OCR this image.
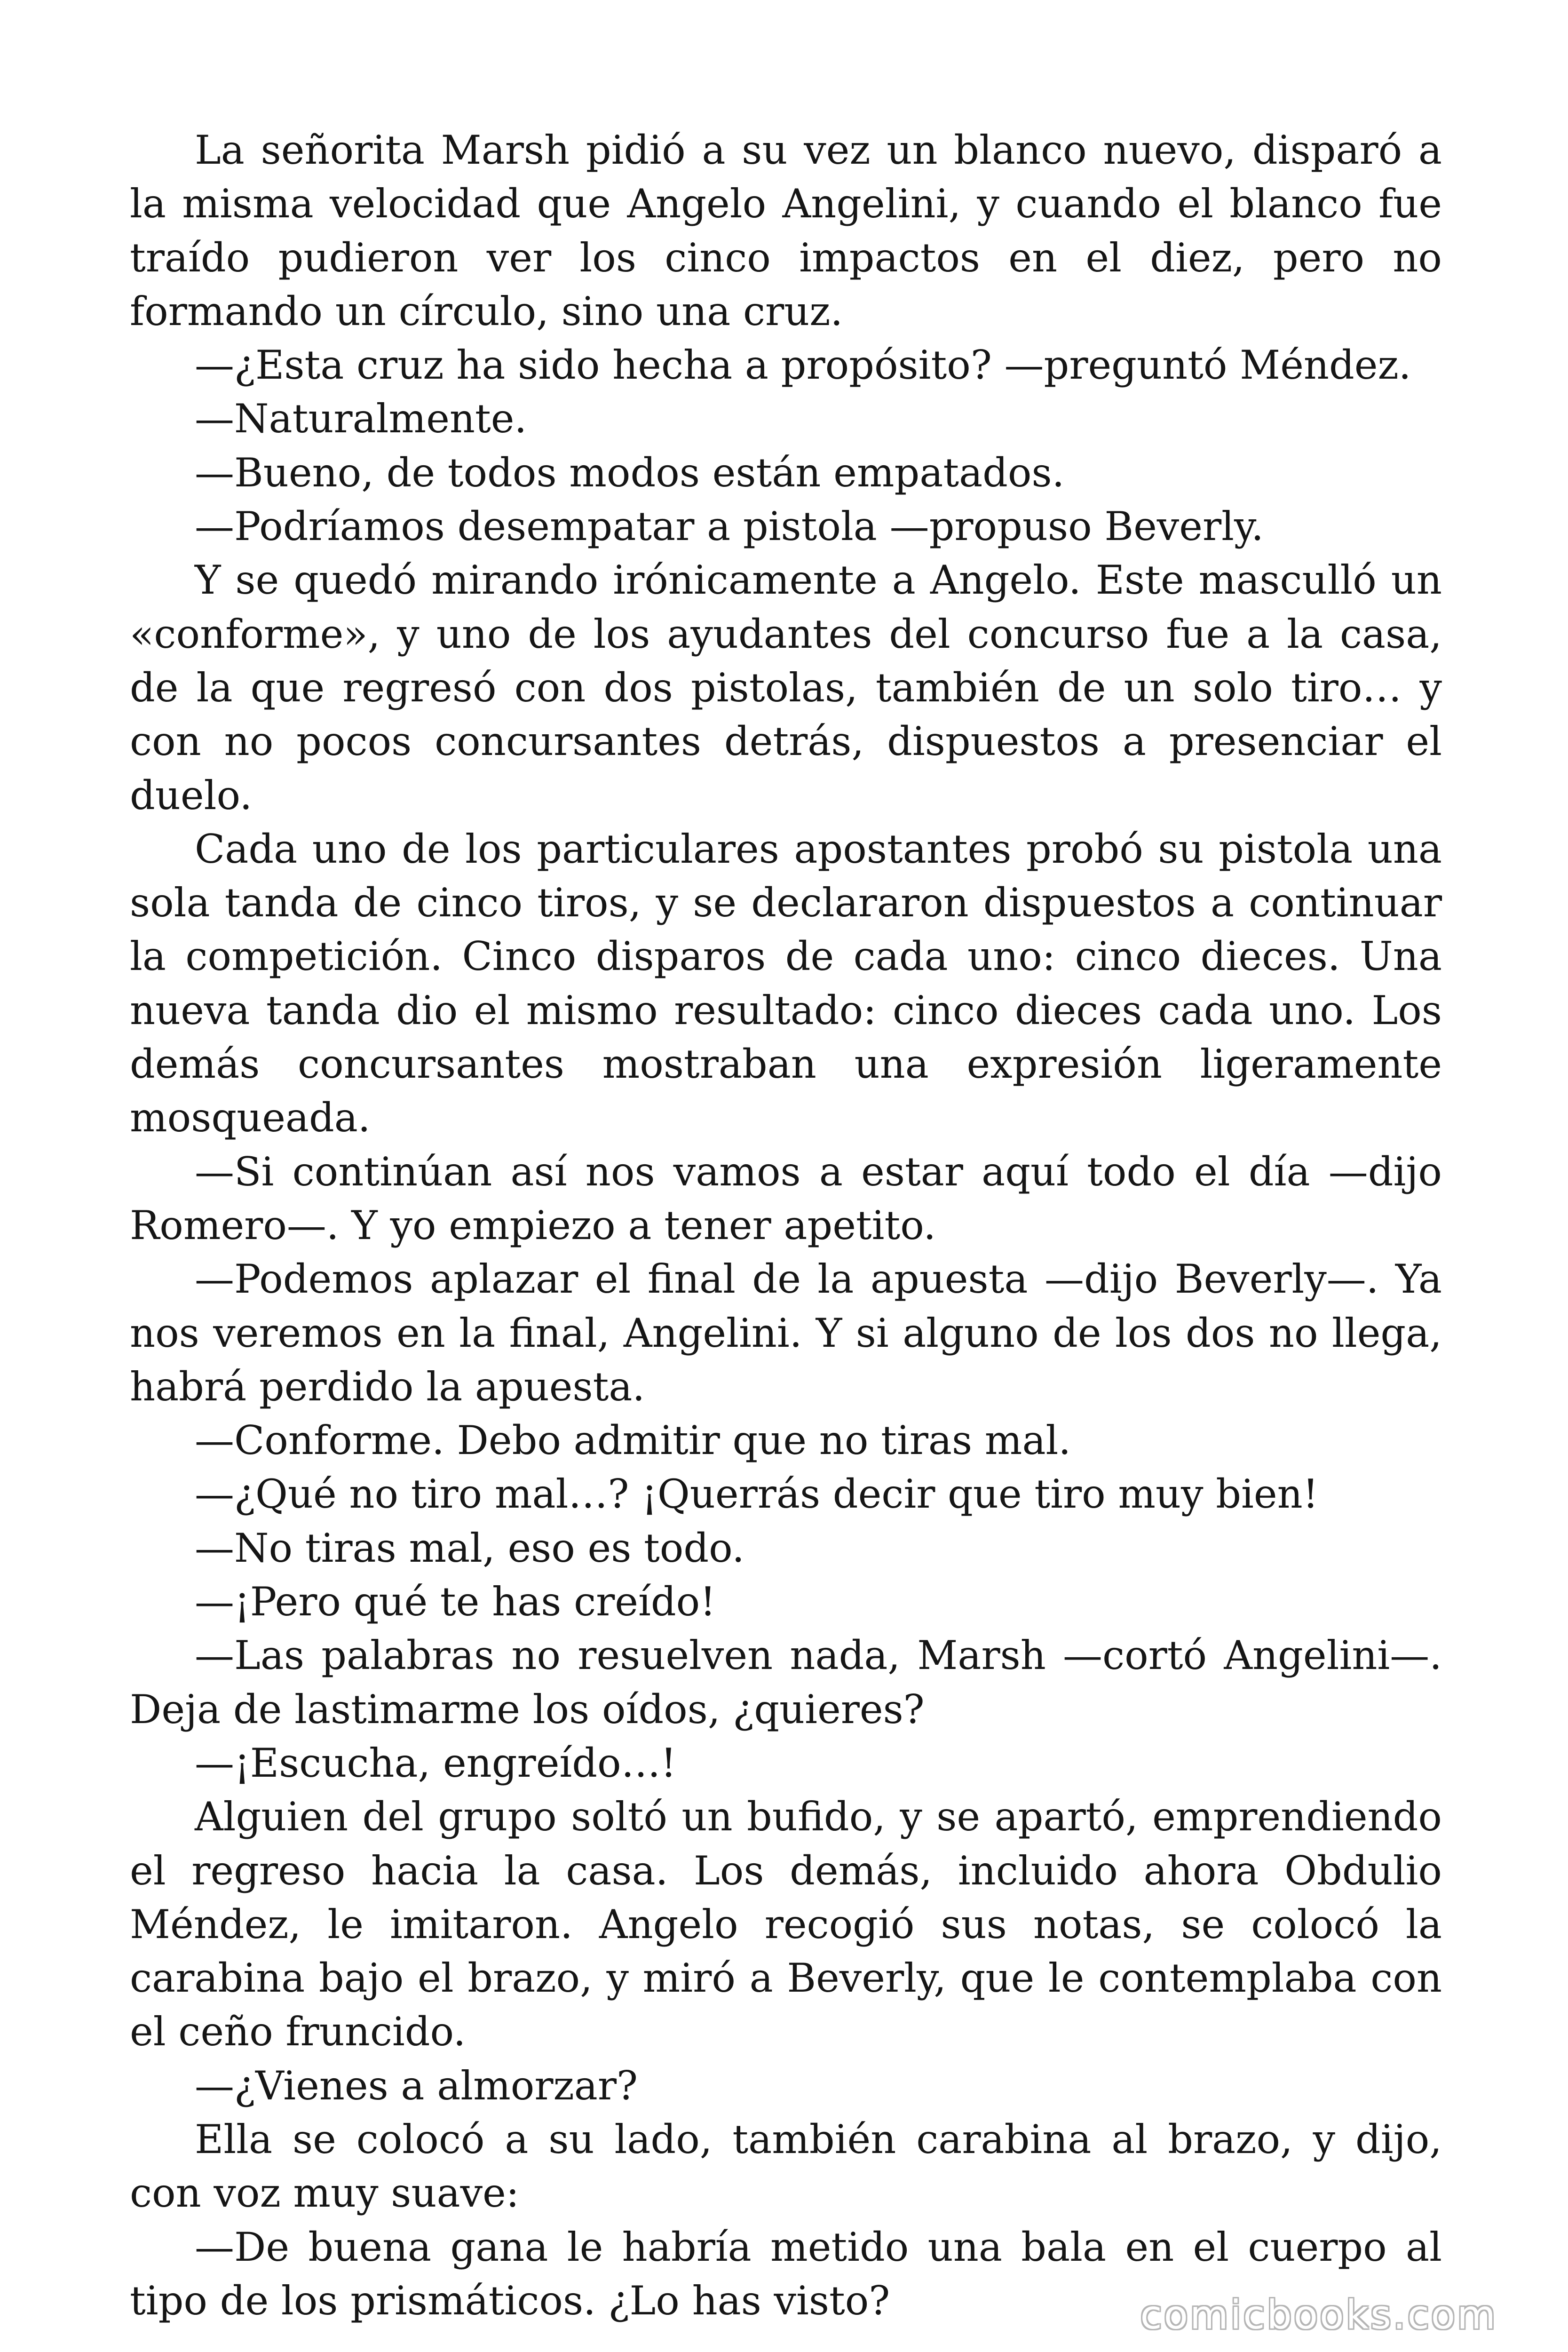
La señorita Marsh pidió a su vez un blanco nuevo, disparó a la misma velocidad que Angelo Angelini, y cuando el blanco fue traído pudieron ver los cinco impactos en el diez, pero no formando un círculo, sino una cruz.

—¿Esta cruz ha sido hecha a propósito? —preguntó Méndez.

—Naturalmente.

—Bueno, de todos modos están empatados.

—Podríamos desempatar a pistola —propuso Beverly.

Y se quedó mirando irónicamente a Angelo. Este masculló un «conforme», y uno de los ayudantes del concurso fue a la casa, de la que regresó con dos pistolas, también de un solo tiro… y con no pocos concursantes detrás, dispuestos a presenciar el duelo.

Cada uno de los particulares apostantes probó su pistola una sola tanda de cinco tiros, y se declararon dispuestos a continuar la competición. Cinco disparos de cada uno: cinco dieces. Una nueva tanda dio el mismo resultado: cinco dieces cada uno. Los demás concursantes mostraban una expresión ligeramente mosqueada.

—Si continúan así nos vamos a estar aquí todo el día —dijo Romero—. Y yo empiezo a tener apetito.

—Podemos aplazar el final de la apuesta —dijo Beverly—. Ya nos veremos en la final, Angelini. Y si alguno de los dos no llega, habrá perdido la apuesta.

—Conforme. Debo admitir que no tiras mal.

—¿Qué no tiro mal…? ¡Querrás decir que tiro muy bien!

—No tiras mal, eso es todo.

—¡Pero qué te has creído!

—Las palabras no resuelven nada, Marsh —cortó Angelini—. Deja de lastimarme los oídos, ¿quieres?

—¡Escucha, engreído…!

Alguien del grupo soltó un bufido, y se apartó, emprendiendo el regreso hacia la casa. Los demás, incluido ahora Obdulio Méndez, le imitaron. Angelo recogió sus notas, se colocó la carabina bajo el brazo, y miró a Beverly, que le contemplaba con el ceño fruncido.

—¿Vienes a almorzar?

Ella se colocó a su lado, también carabina al brazo, y dijo, con voz muy suave:

—De buena gana le habría metido una bala en el cuerpo al tipo de los prismáticos. ¿Lo has visto?	comicbooks.com
